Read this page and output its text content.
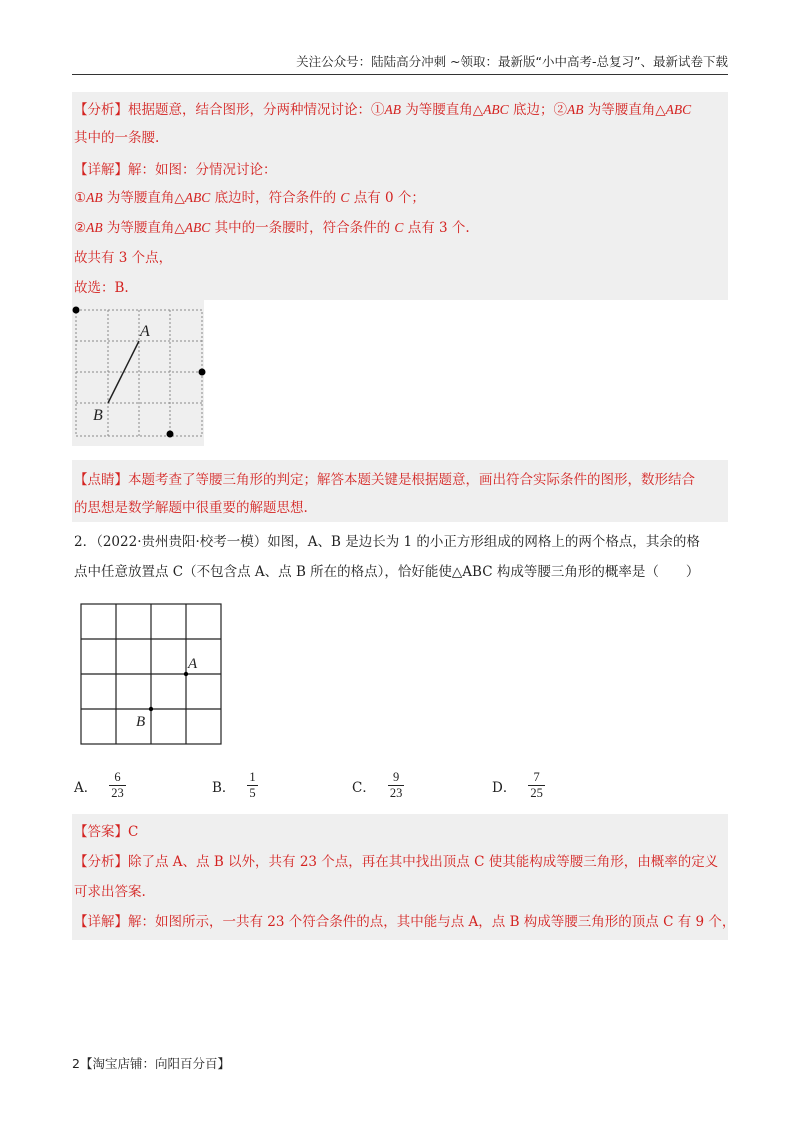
关注公众号：陆陆高分冲刺 ~领取：最新版“小中高考-总复习”、最新试卷下载
【分析】根据题意，结合图形，分两种情况讨论：①AB 为等腰直角△ABC 底边；②AB 为等腰直角△ABC
其中的一条腰.
【详解】解：如图：分情况讨论：
①AB 为等腰直角△ABC 底边时，符合条件的 C 点有 0 个；
②AB 为等腰直角△ABC 其中的一条腰时，符合条件的 C 点有 3 个.
故共有 3 个点，
故选：B.
A
B
【点睛】本题考查了等腰三角形的判定；解答本题关键是根据题意，画出符合实际条件的图形，数形结合
的思想是数学解题中很重要的解题思想.
2．（2022·贵州贵阳·校考一模）如图，A、B 是边长为 1 的小正方形组成的网格上的两个格点，其余的格
点中任意放置点 C（不包含点 A、点 B 所在的格点），恰好能使△ABC 构成等腰三角形的概率是（　　）
A
B
A． $\frac{6}{23}$	B． $\frac{1}{5}$	C． $\frac{9}{23}$	D． $\frac{7}{25}$
【答案】C
【分析】除了点 A、点 B 以外，共有 23 个点，再在其中找出顶点 C 使其能构成等腰三角形，由概率的定义
可求出答案.
【详解】解：如图所示，一共有 23 个符合条件的点，其中能与点 A，点 B 构成等腰三角形的顶点 C 有 9 个，
2【淘宝店铺：向阳百分百】
